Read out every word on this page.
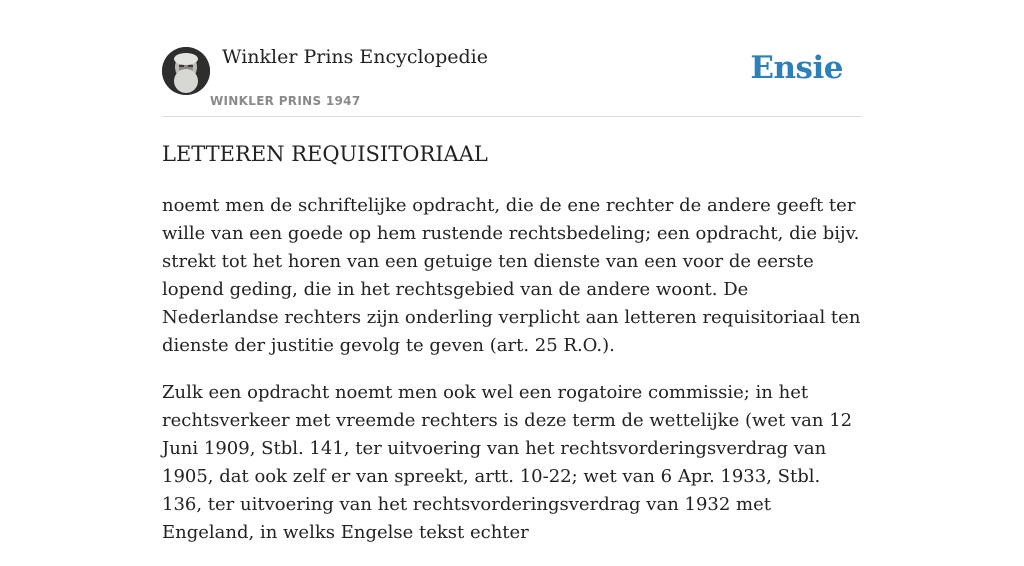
Winkler Prins Encyclopedie
WINKLER PRINS 1947
Ensie
LETTEREN REQUISITORIAAL

noemt men de schriftelijke opdracht, die de ene rechter de andere geeft ter wille van een goede op hem rustende rechtsbedeling; een opdracht, die bijv. strekt tot het horen van een getuige ten dienste van een voor de eerste lopend geding, die in het rechtsgebied van de andere woont. De Nederlandse rechters zijn onderling verplicht aan letteren requisitoriaal ten dienste der justitie gevolg te geven (art. 25 R.O.).

Zulk een opdracht noemt men ook wel een rogatoire commissie; in het rechtsverkeer met vreemde rechters is deze term de wettelijke (wet van 12 Juni 1909, Stbl. 141, ter uitvoering van het rechtsvorderingsverdrag van 1905, dat ook zelf er van spreekt, artt. 10-22; wet van 6 Apr. 1933, Stbl. 136, ter uitvoering van het rechtsvorderingsverdrag van 1932 met Engeland, in welks Engelse tekst echter
